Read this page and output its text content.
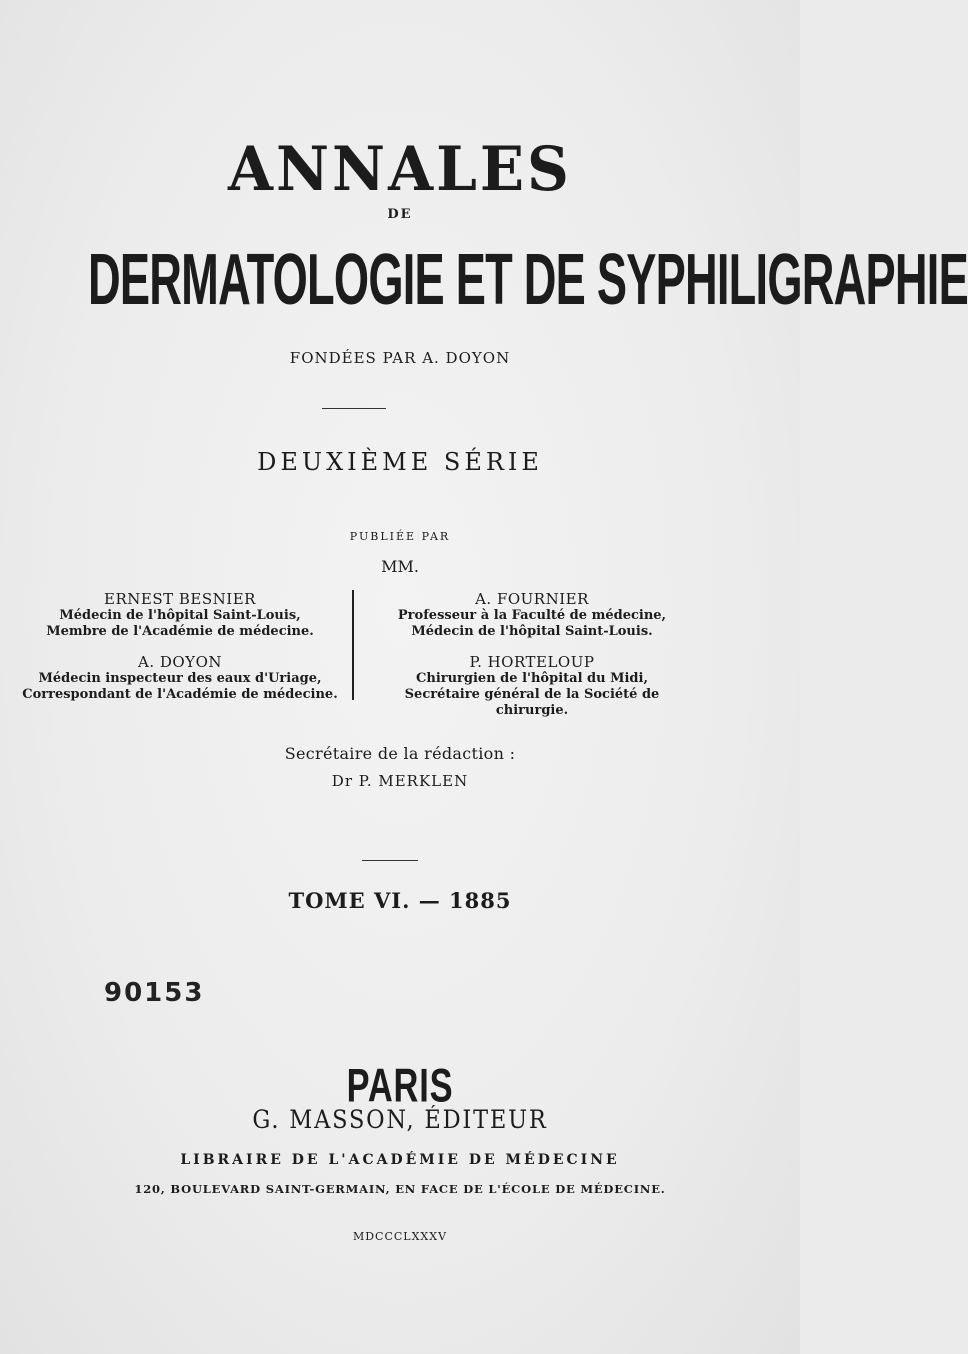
ANNALES
DE
DERMATOLOGIE ET DE SYPHILIGRAPHIE
FONDÉES PAR A. DOYON
DEUXIÈME SÉRIE
PUBLIÉE PAR
MM.
ERNEST BESNIER
Médecin de l'hôpital Saint-Louis,
Membre de l'Académie de médecine.
A. DOYON
Médecin inspecteur des eaux d'Uriage,
Correspondant de l'Académie de médecine.
A. FOURNIER
Professeur à la Faculté de médecine,
Médecin de l'hôpital Saint-Louis.
P. HORTELOUP
Chirurgien de l'hôpital du Midi,
Secrétaire général de la Société de chirurgie.
Secrétaire de la rédaction :
Dr P. MERKLEN
TOME VI. — 1885
90153
PARIS
G. MASSON, ÉDITEUR
LIBRAIRE DE L'ACADÉMIE DE MÉDECINE
120, BOULEVARD SAINT-GERMAIN, EN FACE DE L'ÉCOLE DE MÉDECINE.
MDCCCLXXXV
